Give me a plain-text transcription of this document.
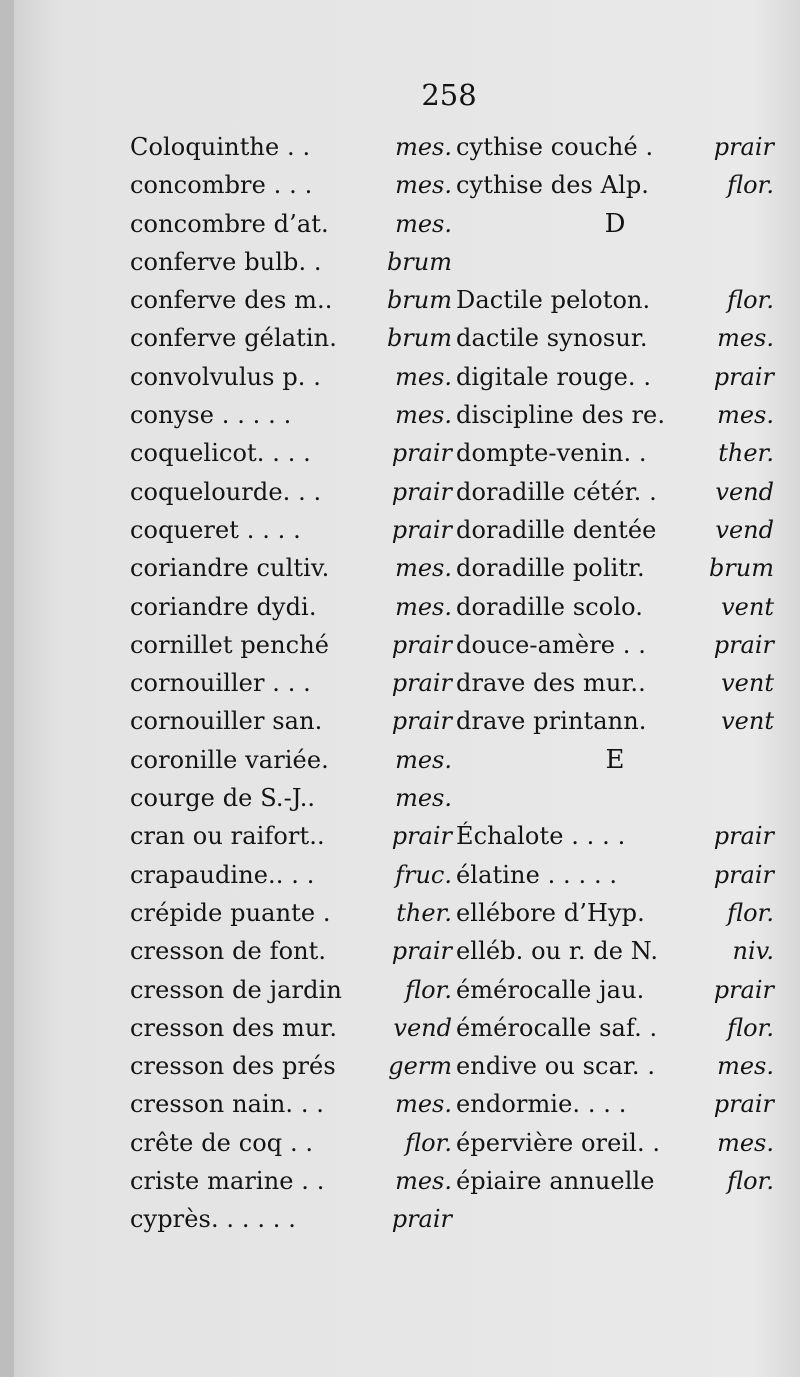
258
Coloquinthe . .	mes.
concombre . . .	mes.
concombre d’at.	mes.
conferve bulb. .	brum
conferve des m.. brum
conferve gélatin. brum
convolvulus p. .	mes.
conyse . . . . .	mes.
coquelicot. . . .	prair
coquelourde. . .	prair
coqueret . . . .	prair
coriandre cultiv.	mes.
coriandre dydi.	mes.
cornillet penché	prair
cornouiller . . .	prair
cornouiller san.	prair
coronille variée.	mes.
courge de S.-J..	mes.
cran ou raifort..	prair
crapaudine.. . .	fruc.
crépide puante .	ther.
cresson de font.	prair
cresson de jardin	flor.
cresson des mur. vend
cresson des prés germ
cresson nain. . .	mes.
crête de coq . .	flor.
criste marine . .	mes.
cyprès. . . . . .	prair
cythise couché .	prair
cythise des Alp.	flor.
D
Dactile peloton.	flor.
dactile synosur.	mes.
digitale rouge. .	prair
discipline des re. mes.
dompte-venin. .	ther.
doradille cétér. . vend
doradille dentée vend
doradille politr.	brum
doradille scolo.	vent
douce-amère . .	prair
drave des mur..	vent
drave printann.	vent
E
Échalote . . . .	prair
élatine . . . . .	prair
ellébore d’Hyp.	flor.
elléb. ou r. de N.	niv.
émérocalle jau.	prair
émérocalle saf. .	flor.
endive ou scar. .	mes.
endormie. . . .	prair
épervière oreil. . mes.
épiaire annuelle	flor.
